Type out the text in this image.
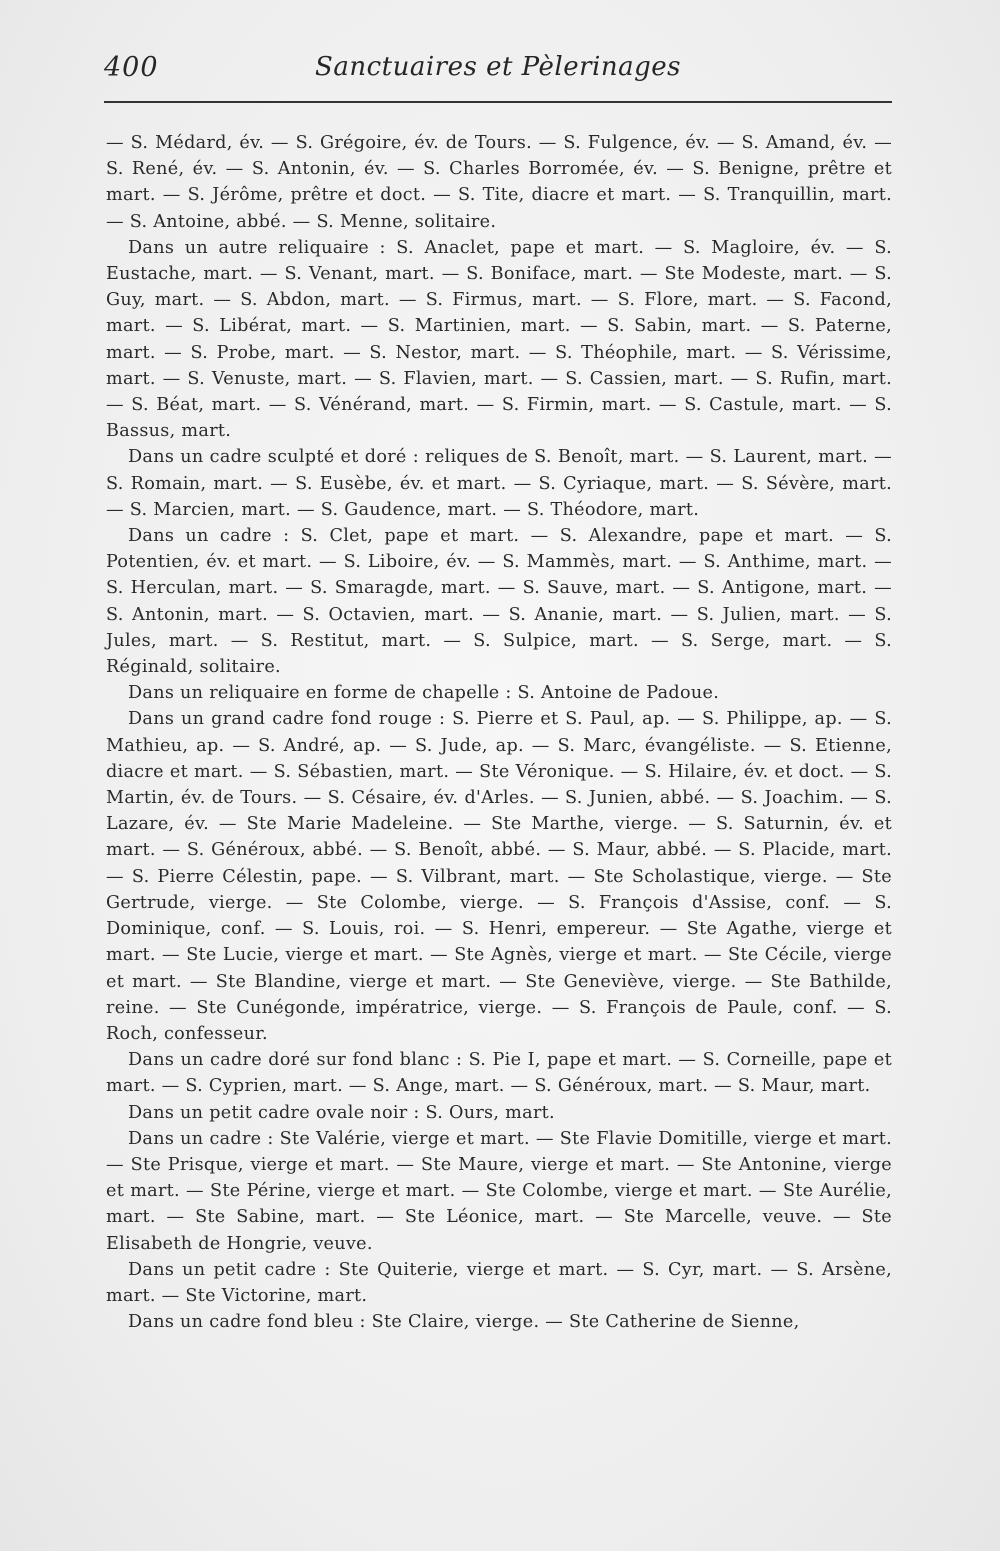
400	Sanctuaires et Pèlerinages

— S. Médard, év. — S. Grégoire, év. de Tours. — S. Fulgence, év. — S. Amand, év. — S. René, év. — S. Antonin, év. — S. Charles Borromée, év. — S. Benigne, prêtre et mart. — S. Jérôme, prêtre et doct. — S. Tite, diacre et mart. — S. Tranquillin, mart. — S. Antoine, abbé. — S. Menne, solitaire.

Dans un autre reliquaire : S. Anaclet, pape et mart. — S. Magloire, év. — S. Eustache, mart. — S. Venant, mart. — S. Boniface, mart. — Ste Modeste, mart. — S. Guy, mart. — S. Abdon, mart. — S. Firmus, mart. — S. Flore, mart. — S. Facond, mart. — S. Libérat, mart. — S. Martinien, mart. — S. Sabin, mart. — S. Paterne, mart. — S. Probe, mart. — S. Nestor, mart. — S. Théophile, mart. — S. Vérissime, mart. — S. Venuste, mart. — S. Flavien, mart. — S. Cassien, mart. — S. Rufin, mart. — S. Béat, mart. — S. Vénérand, mart. — S. Firmin, mart. — S. Castule, mart. — S. Bassus, mart.

Dans un cadre sculpté et doré : reliques de S. Benoît, mart. — S. Laurent, mart. — S. Romain, mart. — S. Eusèbe, év. et mart. — S. Cyriaque, mart. — S. Sévère, mart. — S. Marcien, mart. — S. Gaudence, mart. — S. Théodore, mart.

Dans un cadre : S. Clet, pape et mart. — S. Alexandre, pape et mart. — S. Potentien, év. et mart. — S. Liboire, év. — S. Mammès, mart. — S. Anthime, mart. — S. Herculan, mart. — S. Smaragde, mart. — S. Sauve, mart. — S. Antigone, mart. — S. Antonin, mart. — S. Octavien, mart. — S. Ananie, mart. — S. Julien, mart. — S. Jules, mart. — S. Restitut, mart. — S. Sulpice, mart. — S. Serge, mart. — S. Réginald, solitaire.

Dans un reliquaire en forme de chapelle : S. Antoine de Padoue.

Dans un grand cadre fond rouge : S. Pierre et S. Paul, ap. — S. Philippe, ap. — S. Mathieu, ap. — S. André, ap. — S. Jude, ap. — S. Marc, évangéliste. — S. Etienne, diacre et mart. — S. Sébastien, mart. — Ste Véronique. — S. Hilaire, év. et doct. — S. Martin, év. de Tours. — S. Césaire, év. d'Arles. — S. Junien, abbé. — S. Joachim. — S. Lazare, év. — Ste Marie Madeleine. — Ste Marthe, vierge. — S. Saturnin, év. et mart. — S. Généroux, abbé. — S. Benoît, abbé. — S. Maur, abbé. — S. Placide, mart. — S. Pierre Célestin, pape. — S. Vilbrant, mart. — Ste Scholastique, vierge. — Ste Gertrude, vierge. — Ste Colombe, vierge. — S. François d'Assise, conf. — S. Dominique, conf. — S. Louis, roi. — S. Henri, empereur. — Ste Agathe, vierge et mart. — Ste Lucie, vierge et mart. — Ste Agnès, vierge et mart. — Ste Cécile, vierge et mart. — Ste Blandine, vierge et mart. — Ste Geneviève, vierge. — Ste Bathilde, reine. — Ste Cunégonde, impératrice, vierge. — S. François de Paule, conf. — S. Roch, confesseur.

Dans un cadre doré sur fond blanc : S. Pie I, pape et mart. — S. Corneille, pape et mart. — S. Cyprien, mart. — S. Ange, mart. — S. Généroux, mart. — S. Maur, mart.

Dans un petit cadre ovale noir : S. Ours, mart.

Dans un cadre : Ste Valérie, vierge et mart. — Ste Flavie Domitille, vierge et mart. — Ste Prisque, vierge et mart. — Ste Maure, vierge et mart. — Ste Antonine, vierge et mart. — Ste Périne, vierge et mart. — Ste Colombe, vierge et mart. — Ste Aurélie, mart. — Ste Sabine, mart. — Ste Léonice, mart. — Ste Marcelle, veuve. — Ste Elisabeth de Hongrie, veuve.

Dans un petit cadre : Ste Quiterie, vierge et mart. — S. Cyr, mart. — S. Arsène, mart. — Ste Victorine, mart.

Dans un cadre fond bleu : Ste Claire, vierge. — Ste Catherine de Sienne,
